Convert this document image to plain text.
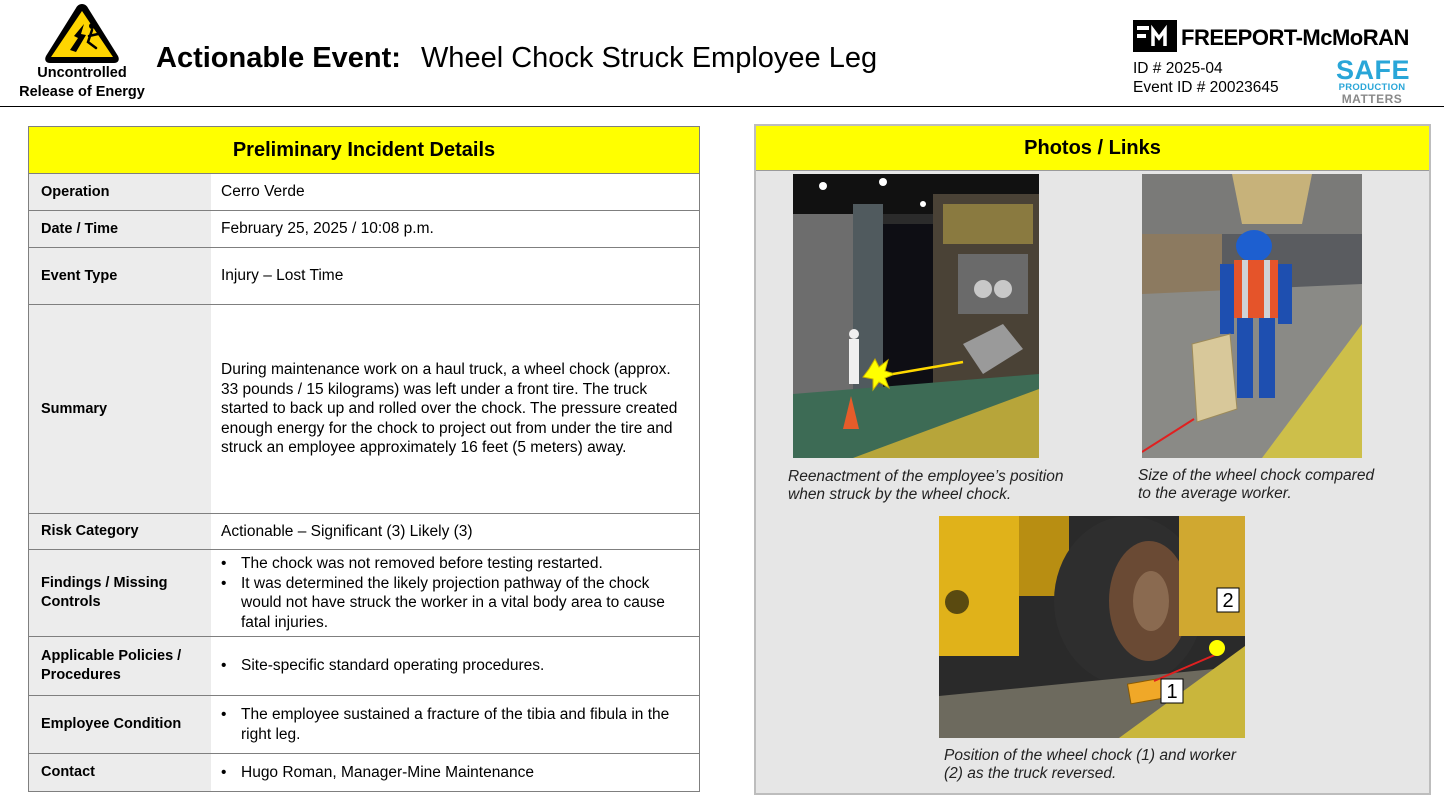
Uncontrolled
Release of Energy
Actionable Event: Wheel Chock Struck Employee Leg
FREEPORT-McMoRAN
ID # 2025-04
Event ID # 20023645
SAFE
PRODUCTION
MATTERS
Preliminary Incident Details
Operation	Cerro Verde
Date / Time	February 25, 2025 / 10:08 p.m.
Event Type	Injury – Lost Time
Summary
During maintenance work on a haul truck, a wheel chock (approx. 33 pounds / 15 kilograms) was left under a front tire. The truck started to back up and rolled over the chock. The pressure created enough energy for the chock to project out from under the tire and struck an employee approximately 16 feet (5 meters) away.
Risk Category	Actionable – Significant (3) Likely (3)
Findings / Missing
Controls
• The chock was not removed before testing restarted.
• It was determined the likely projection pathway of the chock would not have struck the worker in a vital body area to cause fatal injuries.
Applicable Policies /
Procedures
• Site-specific standard operating procedures.
Employee Condition
• The employee sustained a fracture of the tibia and fibula in the right leg.
Contact
•	Hugo Roman, Manager-Mine Maintenance
Photos / Links
1
2
Reenactment of the employee’s position
when struck by the wheel chock.
Size of the wheel chock compared
to the average worker.
Position of the wheel chock (1) and worker
(2) as the truck reversed.
